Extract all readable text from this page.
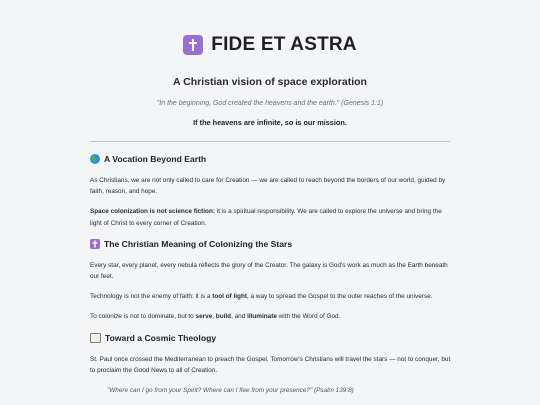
FIDE ET ASTRA
A Christian vision of space exploration
"In the beginning, God created the heavens and the earth." (Genesis 1:1)
If the heavens are infinite, so is our mission.
A Vocation Beyond Earth

As Christians, we are not only called to care for Creation — we are called to reach beyond the borders of our world, guided by faith, reason, and hope.

Space colonization is not science fiction: it is a spiritual responsibility. We are called to explore the universe and bring the light of Christ to every corner of Creation.

The Christian Meaning of Colonizing the Stars

Every star, every planet, every nebula reflects the glory of the Creator. The galaxy is God's work as much as the Earth beneath our feet.

Technology is not the enemy of faith: it is a tool of light, a way to spread the Gospel to the outer reaches of the universe.

To colonize is not to dominate, but to serve, build, and illuminate with the Word of God.

Toward a Cosmic Theology

St. Paul once crossed the Mediterranean to preach the Gospel. Tomorrow's Christians will travel the stars — not to conquer, but to proclaim the Good News to all of Creation.

"Where can I go from your Spirit? Where can I flee from your presence?" (Psalm 139:8)
